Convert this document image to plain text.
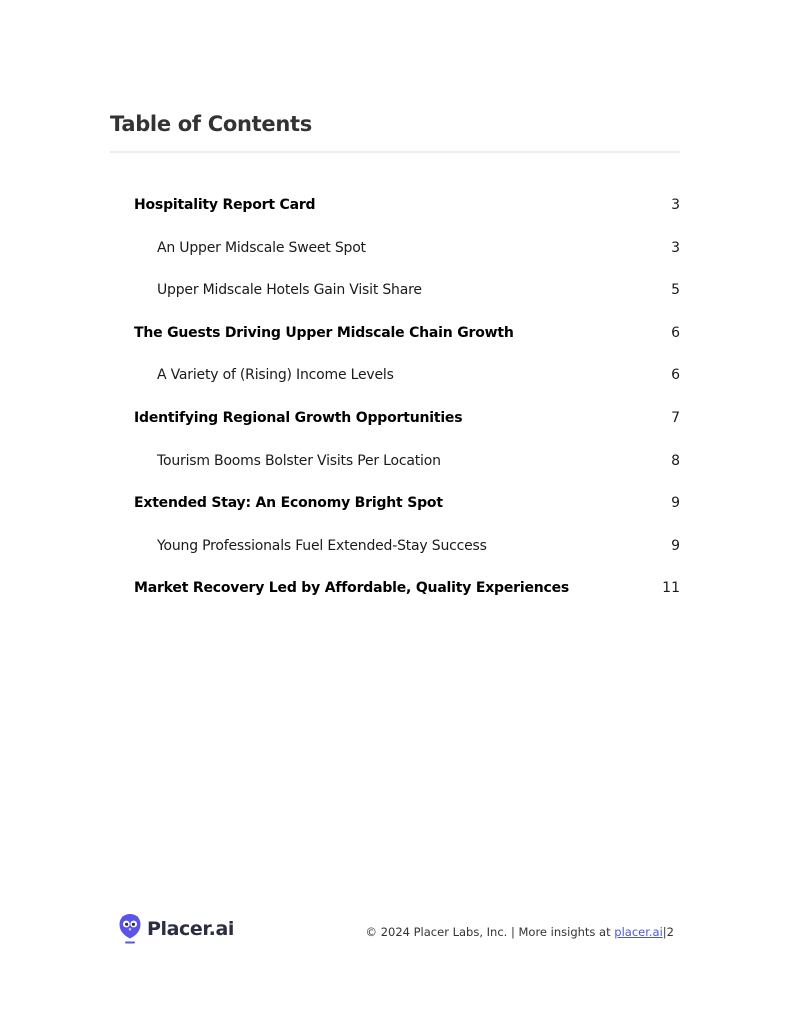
Table of Contents
Hospitality Report Card	3
An Upper Midscale Sweet Spot	3
Upper Midscale Hotels Gain Visit Share	5
The Guests Driving Upper Midscale Chain Growth	6
A Variety of (Rising) Income Levels	6
Identifying Regional Growth Opportunities	7
Tourism Booms Bolster Visits Per Location	8
Extended Stay: An Economy Bright Spot	9
Young Professionals Fuel Extended-Stay Success	9
Market Recovery Led by Affordable, Quality Experiences	11
Placer.ai	© 2024 Placer Labs, Inc. | More insights at placer.ai|2
